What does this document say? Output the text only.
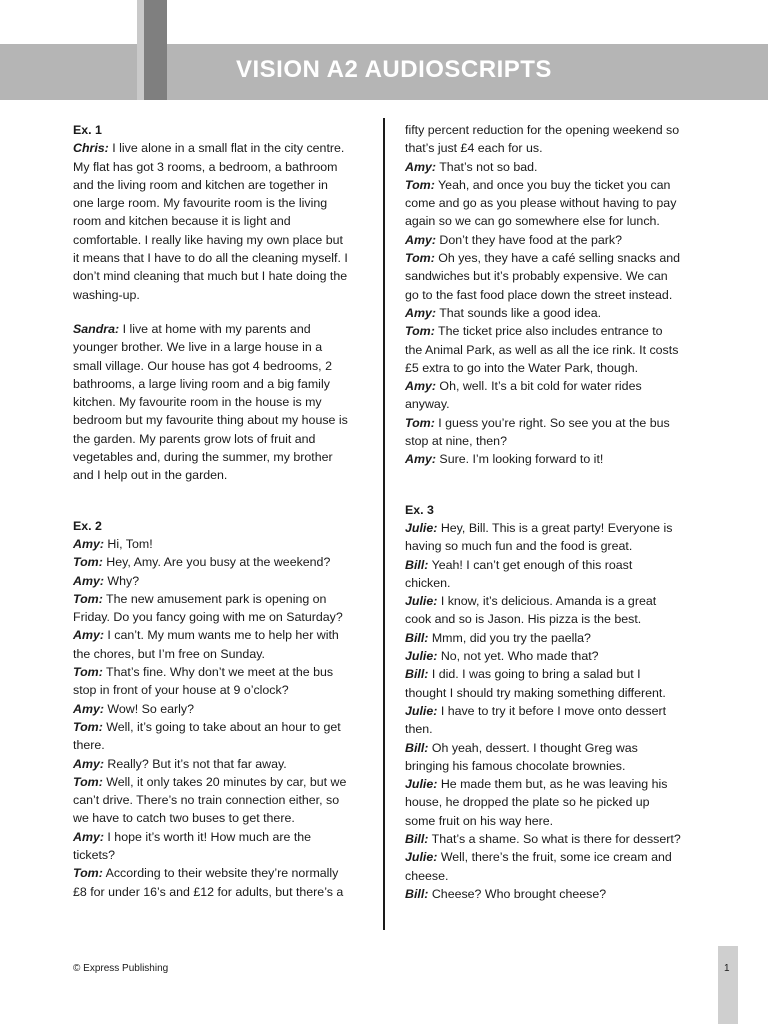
VISION A2 AUDIOSCRIPTS
Ex. 1
Chris: I live alone in a small flat in the city centre.
My flat has got 3 rooms, a bedroom, a bathroom
and the living room and kitchen are together in
one large room. My favourite room is the living
room and kitchen because it is light and
comfortable. I really like having my own place but
it means that I have to do all the cleaning myself. I
don’t mind cleaning that much but I hate doing the
washing-up.
Sandra: I live at home with my parents and
younger brother. We live in a large house in a
small village. Our house has got 4 bedrooms, 2
bathrooms, a large living room and a big family
kitchen. My favourite room in the house is my
bedroom but my favourite thing about my house is
the garden. My parents grow lots of fruit and
vegetables and, during the summer, my brother
and I help out in the garden.
Ex. 2
Amy: Hi, Tom!
Tom: Hey, Amy. Are you busy at the weekend?
Amy: Why?
Tom: The new amusement park is opening on
Friday. Do you fancy going with me on Saturday?
Amy: I can’t. My mum wants me to help her with
the chores, but I’m free on Sunday.
Tom: That’s fine. Why don’t we meet at the bus
stop in front of your house at 9 o’clock?
Amy: Wow! So early?
Tom: Well, it’s going to take about an hour to get
there.
Amy: Really? But it’s not that far away.
Tom: Well, it only takes 20 minutes by car, but we
can’t drive. There’s no train connection either, so
we have to catch two buses to get there.
Amy: I hope it’s worth it! How much are the
tickets?
Tom: According to their website they’re normally
£8 for under 16’s and £12 for adults, but there’s a
fifty percent reduction for the opening weekend so
that’s just £4 each for us.
Amy: That’s not so bad.
Tom: Yeah, and once you buy the ticket you can
come and go as you please without having to pay
again so we can go somewhere else for lunch.
Amy: Don’t they have food at the park?
Tom: Oh yes, they have a café selling snacks and
sandwiches but it’s probably expensive. We can
go to the fast food place down the street instead.
Amy: That sounds like a good idea.
Tom: The ticket price also includes entrance to
the Animal Park, as well as all the ice rink. It costs
£5 extra to go into the Water Park, though.
Amy: Oh, well. It’s a bit cold for water rides
anyway.
Tom: I guess you’re right. So see you at the bus
stop at nine, then?
Amy: Sure. I’m looking forward to it!
Ex. 3
Julie: Hey, Bill. This is a great party! Everyone is
having so much fun and the food is great.
Bill: Yeah! I can’t get enough of this roast
chicken.
Julie: I know, it’s delicious. Amanda is a great
cook and so is Jason. His pizza is the best.
Bill: Mmm, did you try the paella?
Julie: No, not yet. Who made that?
Bill: I did. I was going to bring a salad but I
thought I should try making something different.
Julie: I have to try it before I move onto dessert
then.
Bill: Oh yeah, dessert. I thought Greg was
bringing his famous chocolate brownies.
Julie: He made them but, as he was leaving his
house, he dropped the plate so he picked up
some fruit on his way here.
Bill: That’s a shame. So what is there for dessert?
Julie: Well, there’s the fruit, some ice cream and
cheese.
Bill: Cheese? Who brought cheese?
© Express Publishing	1
